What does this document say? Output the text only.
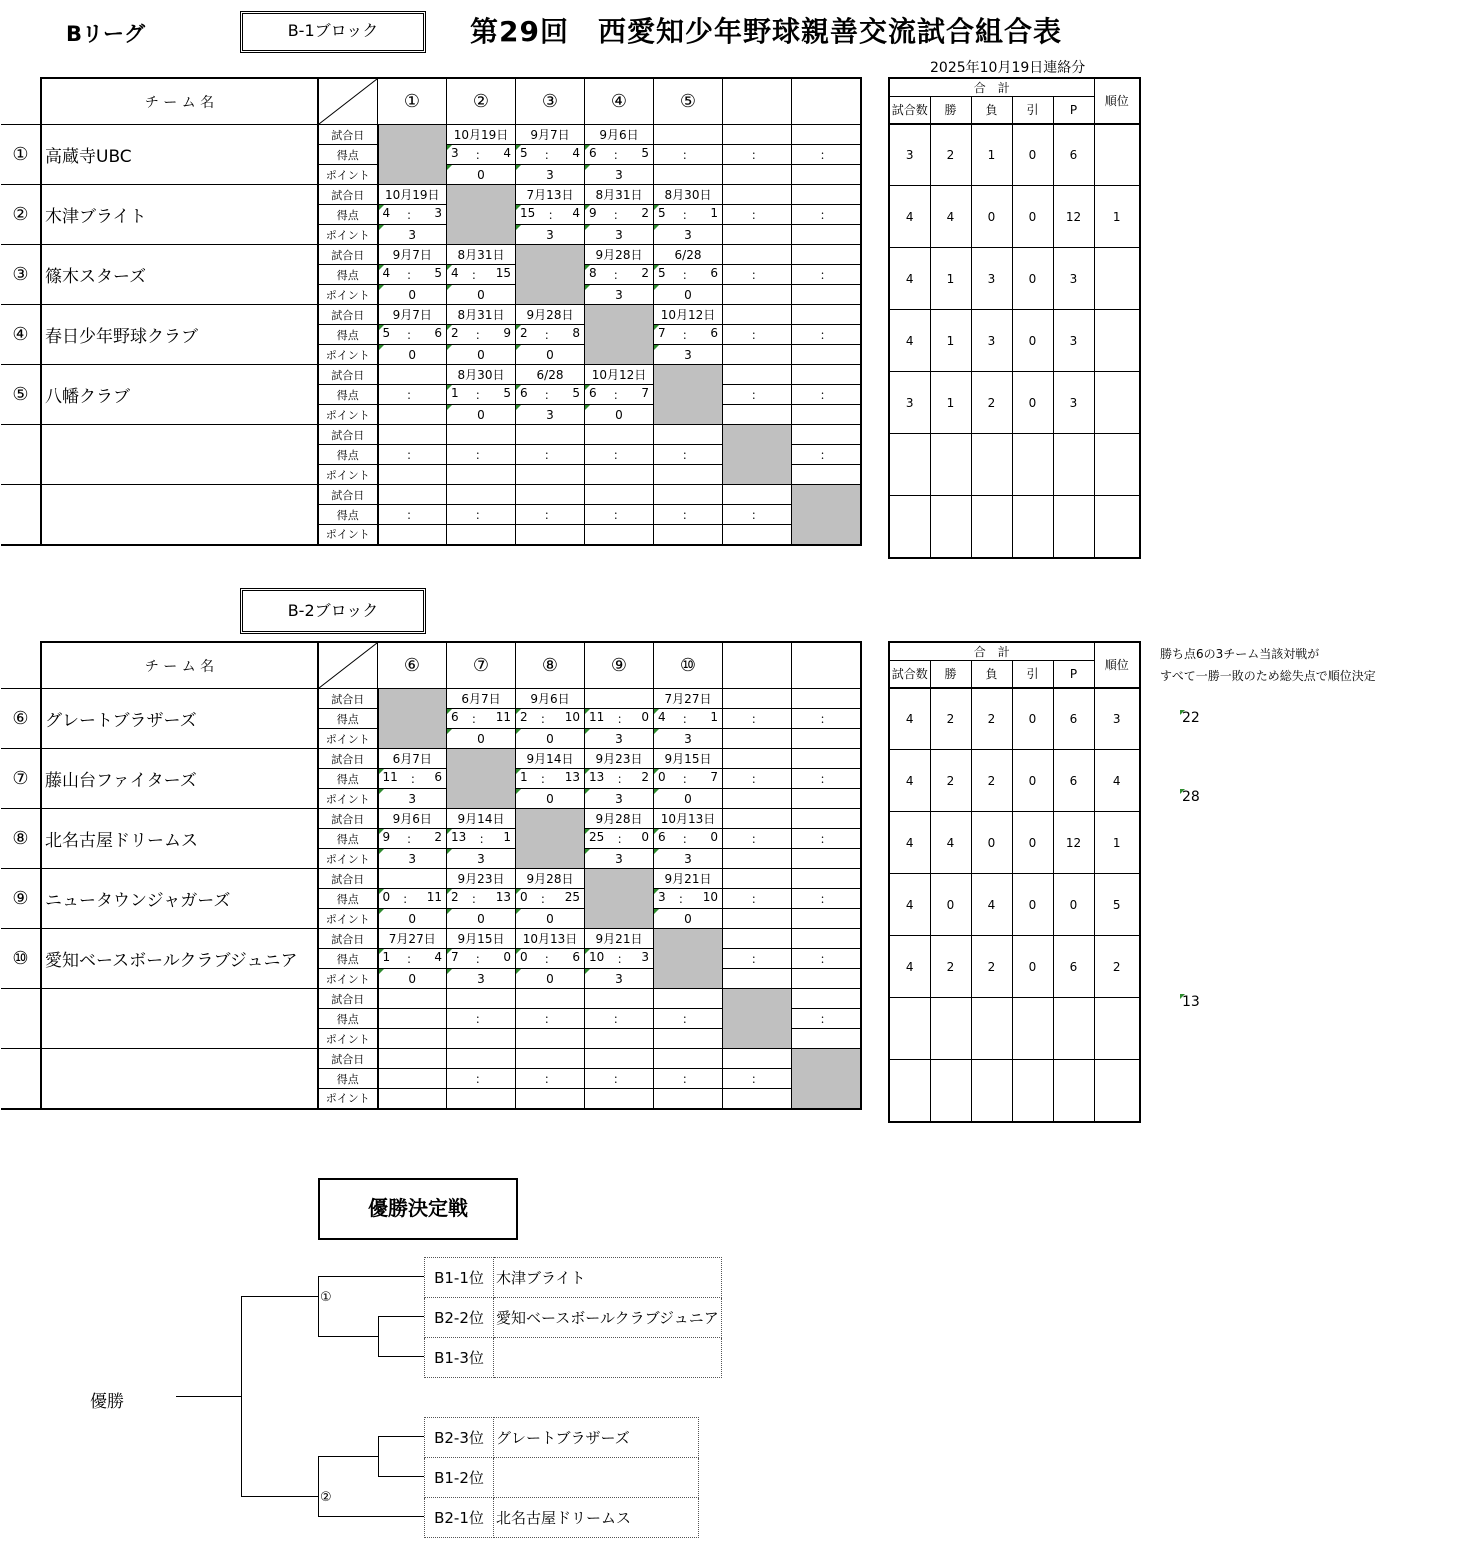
Bリーグ	B-1ブロック	第29回　西愛知少年野球親善交流試合組合表
2025年10月19日連絡分
	チ ー ム 名		①	②	③	④	⑤		
①	高蔵寺UBC	試合日		10月19日	9月7日	9月6日			
		得点		3 ： 4	5 ： 4	6 ： 5	：	：	：

		ポイント		0	3	3			
②	木津ブライト	試合日	10月19日		7月13日	8月31日	8月30日		
		得点	4 ： 3		15 ： 4	9 ： 2	5 ： 1	：	：

		ポイント	3		3	3	3		
③	篠木スターズ	試合日	9月7日	8月31日		9月28日	6/28		
		得点	4 ： 5	4 ： 15		8 ： 2	5 ： 6	：	：

		ポイント	0	0		3	0		
④	春日少年野球クラブ	試合日	9月7日	8月31日	9月28日		10月12日		
		得点	5 ： 6	2 ： 9	2 ： 8		7 ： 6	：	：

		ポイント	0	0	0		3		
⑤	八幡クラブ	試合日		8月30日	6/28	10月12日			
		得点	：	1 ： 5	6 ： 5	6 ： 7		：	：

		ポイント		0	3	0			
		試合日							
		得点	：	：	：	：	：		：

		ポイント							
		試合日							
		得点	：	：	：	：	：	：	

		ポイント							
合　計					順位
試合数	勝	負	引	P	
3	2	1	0	6	
4	4	0	0	12	1
4	1	3	0	3	
4	1	3	0	3	
3	1	2	0	3	

B-2ブロック
	チ ー ム 名		⑥	⑦	⑧	⑨	⑩		
⑥	グレートブラザーズ	試合日		6月7日	9月6日		7月27日		
		得点		6 ： 11	2 ： 10	11 ： 0	4 ： 1	：	：

		ポイント		0	0	3	3		
⑦	藤山台ファイターズ	試合日	6月7日		9月14日	9月23日	9月15日		
		得点	11 ： 6		1 ： 13	13 ： 2	0 ： 7	：	：

		ポイント	3		0	3	0		
⑧	北名古屋ドリームス	試合日	9月6日	9月14日		9月28日	10月13日		
		得点	9 ： 2	13 ： 1		25 ： 0	6 ： 0	：	：

		ポイント	3	3		3	3		
⑨	ニュータウンジャガーズ	試合日		9月23日	9月28日		9月21日		
		得点	0 ： 11	2 ： 13	0 ： 25		3 ： 10	：	：

		ポイント	0	0	0		0		
⑩	愛知ベースボールクラブジュニア	試合日	7月27日	9月15日	10月13日	9月21日			
		得点	1 ： 4	7 ： 0	0 ： 6	10 ： 3		：	：

		ポイント	0	3	0	3			
		試合日							
		得点		：	：	：	：		：

		ポイント							
		試合日							
		得点		：	：	：	：	：	

		ポイント							
合　計					順位
試合数	勝	負	引	P	
4	2	2	0	6	3
4	2	2	0	6	4
4	4	0	0	12	1
4	0	4	0	0	5
4	2	2	0	6	2

勝ち点6の3チーム当該対戦が
すべて一勝一敗のため総失点で順位決定
22
28
13
優勝決定戦
優勝
①
②
B1-1位	木津ブライト
B2-2位	愛知ベースボールクラブジュニア
B1-3位	
B2-3位	グレートブラザーズ
B1-2位	
B2-1位	北名古屋ドリームス
